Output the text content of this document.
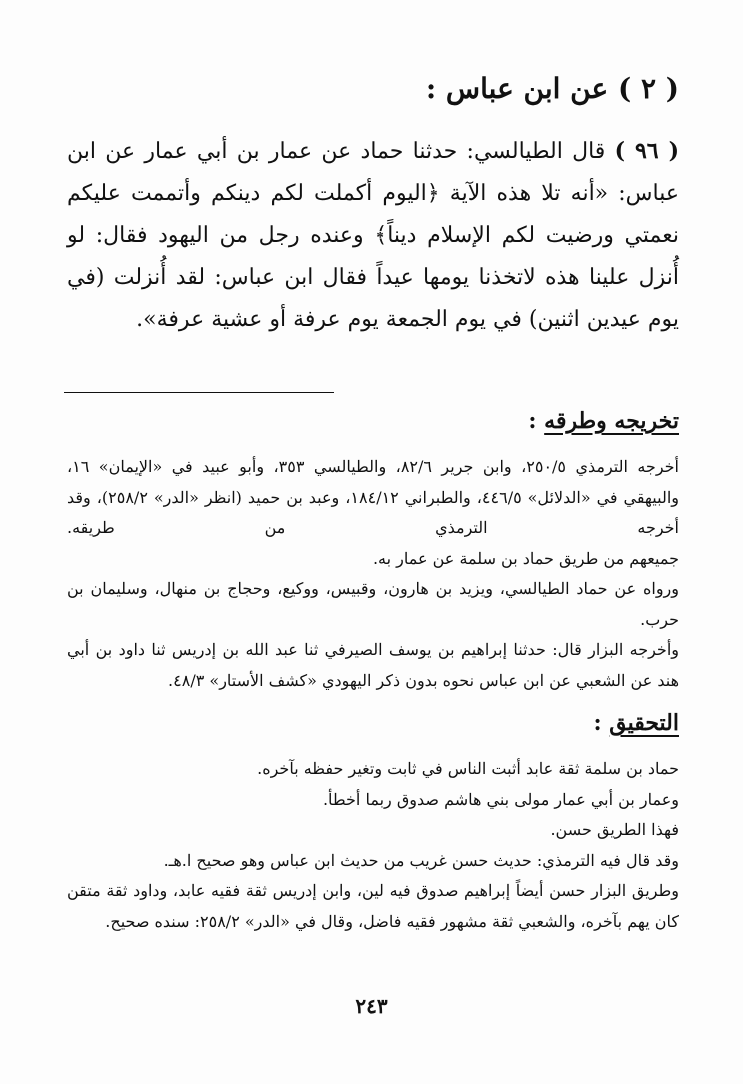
( ٢ ) عن ابن عباس :
( ٩٦ ) قال الطيالسي: حدثنا حماد عن عمار بن أبي عمار عن ابن عباس: «أنه تلا هذه الآية ﴿اليوم أكملت لكم دينكم وأتممت عليكم نعمتي ورضيت لكم الإسلام ديناً﴾ وعنده رجل من اليهود فقال: لو أُنزل علينا هذه لاتخذنا يومها عيداً فقال ابن عباس: لقد أُنزلت (في يوم عيدين اثنين) في يوم الجمعة يوم عرفة أو عشية عرفة».
تخريجه وطرقه :

أخرجه الترمذي ٢٥٠/٥، وابن جرير ٨٢/٦، والطيالسي ٣٥٣، وأبو عبيد في «الإيمان» ١٦، والبيهقي في «الدلائل» ٤٤٦/٥، والطبراني ١٨٤/١٢، وعبد بن حميد (انظر «الدر» ٢٥٨/٢)، وقد أخرجه الترمذي من طريقه.

جميعهم من طريق حماد بن سلمة عن عمار به.

ورواه عن حماد الطيالسي، ويزيد بن هارون، وقبيس، ووكيع، وحجاج بن منهال، وسليمان بن حرب.

وأخرجه البزار قال: حدثنا إبراهيم بن يوسف الصيرفي ثنا عبد الله بن إدريس ثنا داود بن أبي هند عن الشعبي عن ابن عباس نحوه بدون ذكر اليهودي «كشف الأستار» ٤٨/٣.

التحقيق :

حماد بن سلمة ثقة عابد أثبت الناس في ثابت وتغير حفظه بآخره.

وعمار بن أبي عمار مولى بني هاشم صدوق ربما أخطأ.

فهذا الطريق حسن.

وقد قال فيه الترمذي: حديث حسن غريب من حديث ابن عباس وهو صحيح ا.هـ.

وطريق البزار حسن أيضاً إبراهيم صدوق فيه لين، وابن إدريس ثقة فقيه عابد، وداود ثقة متقن كان يهم بآخره، والشعبي ثقة مشهور فقيه فاضل، وقال في «الدر» ٢٥٨/٢: سنده صحيح.

٢٤٣
